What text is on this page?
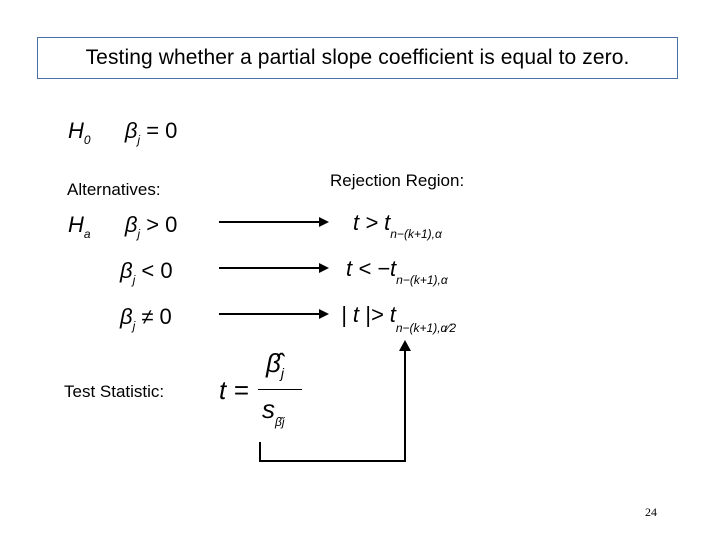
Testing whether a partial slope coefficient is equal to zero.
$H_0$ $\beta_j = 0$
Alternatives:	Rejection Region:
$H_a$ $\beta_j > 0$
$\beta_j < 0$
$\beta_j \ne 0$
$t > t_{n-(k+1),\alpha}$
$t < -t_{n-(k+1),\alpha}$
| t |> $t_{n-(k+1),\alpha⁄2}$
Test Statistic: t =
$\betâ_j$
$s_{\betâj}$
24
